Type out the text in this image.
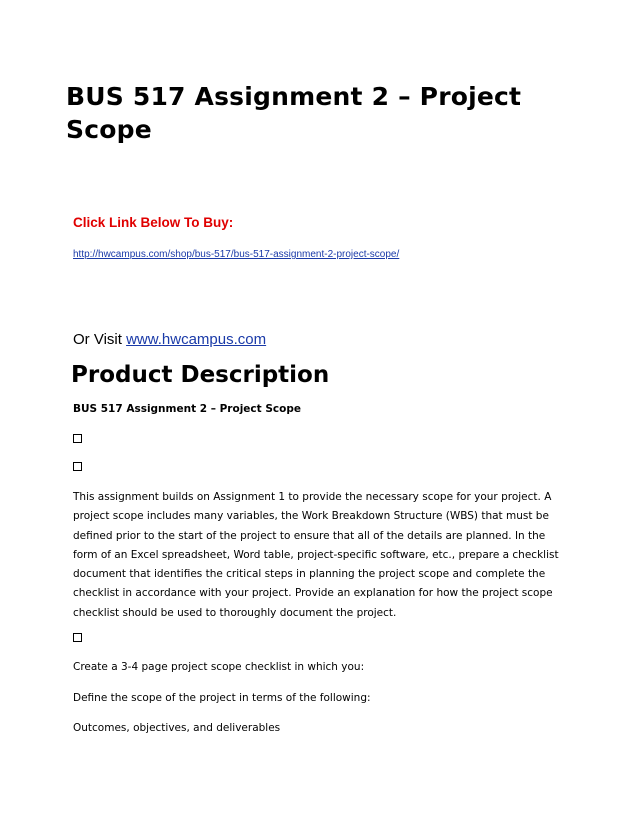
BUS 517 Assignment 2 – Project Scope
Click Link Below To Buy:
http://hwcampus.com/shop/bus-517/bus-517-assignment-2-project-scope/
Or Visit www.hwcampus.com
Product Description
BUS 517 Assignment 2 – Project Scope
This assignment builds on Assignment 1 to provide the necessary scope for your project. A project scope includes many variables, the Work Breakdown Structure (WBS) that must be defined prior to the start of the project to ensure that all of the details are planned. In the form of an Excel spreadsheet, Word table, project-specific software, etc., prepare a checklist document that identifies the critical steps in planning the project scope and complete the checklist in accordance with your project. Provide an explanation for how the project scope checklist should be used to thoroughly document the project.
Create a 3-4 page project scope checklist in which you:
Define the scope of the project in terms of the following:
Outcomes, objectives, and deliverables
